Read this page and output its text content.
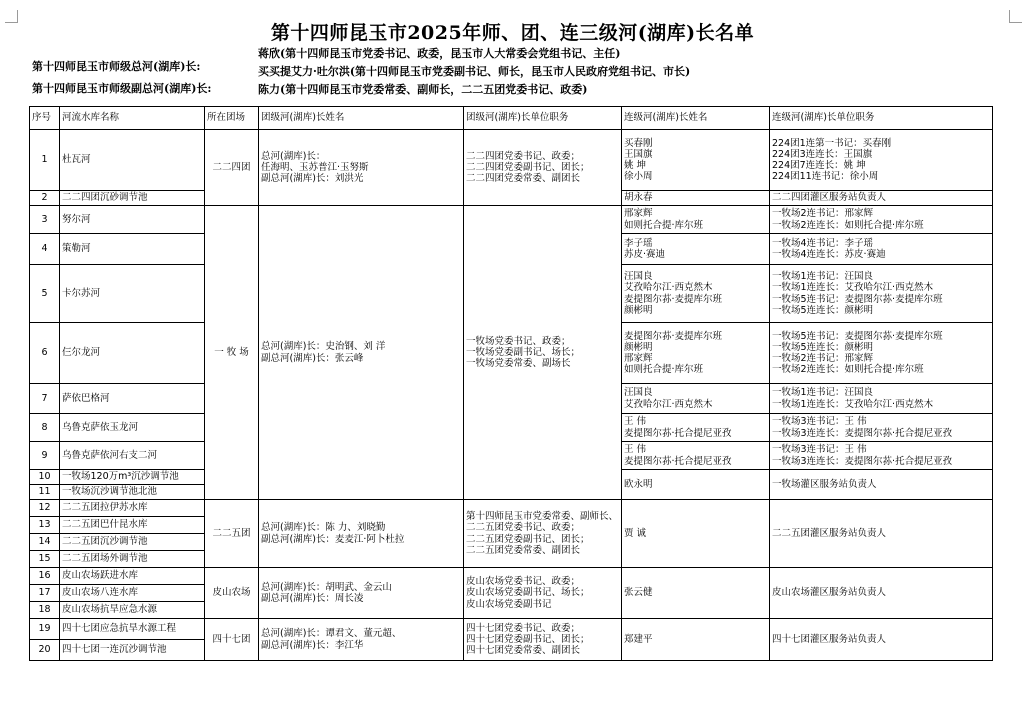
第十四师昆玉市2025年师、团、连三级河(湖库)长名单
第十四师昆玉市师级总河(湖库)长:
蒋欣(第十四师昆玉市党委书记、政委，昆玉市人大常委会党组书记、主任)
买买提艾力·吐尔洪(第十四师昆玉市党委副书记、师长，昆玉市人民政府党组书记、市长)
第十四师昆玉市师级副总河(湖库)长:	陈力(第十四师昆玉市党委常委、副师长，二二五团党委书记、政委)
序号	河流水库名称	所在团场	团级河(湖库)长姓名	团级河(湖库)长单位职务	连级河(湖库)长姓名	连级河(湖库)长单位职务
1	杜瓦河	二二四团	总河(湖库)长：
任海明、玉苏普江·玉努斯
副总河(湖库)长：刘洪光	二二四团党委书记、政委；
二二四团党委副书记、团长；
二二四团党委常委、副团长	买春刚
王国旗
姚 坤
徐小周	224团1连第一书记：买春刚
224团3连连长：王国旗
224团7连连长：姚 坤
224团11连书记：徐小周
2	二二四团沉砂调节池				胡永春	二二四团灌区服务站负责人
3	努尔河	一 牧 场	总河(湖库)长：史治钢、刘 洋
副总河(湖库)长：张云峰	一牧场党委书记、政委；
一牧场党委副书记、场长；
一牧场党委常委、副场长	邢家辉
如则托合提·库尔班	一牧场2连书记：邢家辉
一牧场2连连长：如则托合提·库尔班
4	策勒河				李子瑶
苏皮·赛迪	一牧场4连书记：李子瑶
一牧场4连连长：苏皮·赛迪
5	卡尔苏河				汪国良
艾孜哈尔江·西克然木
麦提图尔荪·麦提库尔班
颜彬明	一牧场1连书记：汪国良
一牧场1连连长：艾孜哈尔江·西克然木
一牧场5连书记：麦提图尔荪·麦提库尔班
一牧场5连连长：颜彬明
6	仨尔龙河				麦提图尔荪·麦提库尔班
颜彬明
邢家辉
如则托合提·库尔班	一牧场5连书记：麦提图尔荪·麦提库尔班
一牧场5连连长：颜彬明
一牧场2连书记：邢家辉
一牧场2连连长：如则托合提·库尔班
7	萨依巴格河				汪国良
艾孜哈尔江·西克然木	一牧场1连书记：汪国良
一牧场1连连长：艾孜哈尔江·西克然木
8	乌鲁克萨依玉龙河				王 伟
麦提图尔荪·托合提尼亚孜	一牧场3连书记：王 伟
一牧场3连连长：麦提图尔荪·托合提尼亚孜
9	乌鲁克萨依河右支二河				王 伟
麦提图尔荪·托合提尼亚孜	一牧场3连书记：王 伟
一牧场3连连长：麦提图尔荪·托合提尼亚孜
10	一牧场120万m³沉沙调节池				欧永明	一牧场灌区服务站负责人
11	一牧场沉沙调节池北池					
12	二二五团拉伊苏水库	二二五团	总河(湖库)长：陈 力、刘晓勤
副总河(湖库)长：麦麦江·阿卜杜拉	第十四师昆玉市党委常委、副师长、二二五团党委书记、政委；
二二五团党委副书记、团长；
二二五团党委常委、副团长	贾 诚	二二五团灌区服务站负责人
13	二二五团巴什昆水库					
14	二二五团沉沙调节池					
15	二二五团场外调节池					
16	皮山农场跃进水库	皮山农场	总河(湖库)长：胡明武、金云山
副总河(湖库)长：周长凌	皮山农场党委书记、政委；
皮山农场党委副书记、场长；
皮山农场党委副书记	张云健	皮山农场灌区服务站负责人
17	皮山农场八连水库					
18	皮山农场抗旱应急水源					
19	四十七团应急抗旱水源工程	四十七团	总河(湖库)长：谭君文、董元超、
副总河(湖库)长：李江华	四十七团党委书记、政委；
四十七团党委副书记、团长；
四十七团党委常委、副团长	郑建平	四十七团灌区服务站负责人
20	四十七团一连沉沙调节池					
